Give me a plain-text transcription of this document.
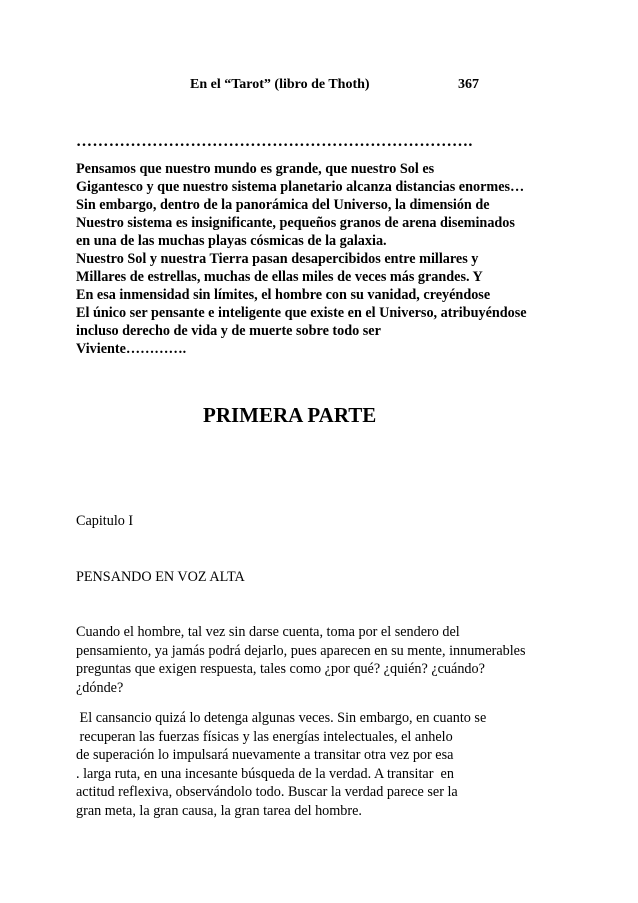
En el “Tarot” (libro de Thoth)	367
……………………………………………………………….
Pensamos que nuestro mundo es grande, que nuestro Sol es
Gigantesco y que nuestro sistema planetario alcanza distancias enormes…
Sin embargo, dentro de la panorámica del Universo, la dimensión de
Nuestro sistema es insignificante, pequeños granos de arena diseminados
en una de las muchas playas cósmicas de la galaxia.
Nuestro Sol y nuestra Tierra pasan desapercibidos entre millares y
Millares de estrellas, muchas de ellas miles de veces más grandes. Y
En esa inmensidad sin límites, el hombre con su vanidad, creyéndose
El único ser pensante e inteligente que existe en el Universo, atribuyéndose
incluso derecho de vida y de muerte sobre todo ser
Viviente………….
PRIMERA PARTE
Capitulo I
PENSANDO EN VOZ ALTA
Cuando el hombre, tal vez sin darse cuenta, toma por el sendero del
pensamiento, ya jamás podrá dejarlo, pues aparecen en su mente, innumerables
preguntas que exigen respuesta, tales como ¿por qué? ¿quién? ¿cuándo?
¿dónde?
El cansancio quizá lo detenga algunas veces. Sin embargo, en cuanto se
recuperan las fuerzas físicas y las energías intelectuales, el anhelo
de superación lo impulsará nuevamente a transitar otra vez por esa
. larga ruta, en una incesante búsqueda de la verdad. A transitar  en
actitud reflexiva, observándolo todo. Buscar la verdad parece ser la
gran meta, la gran causa, la gran tarea del hombre.
